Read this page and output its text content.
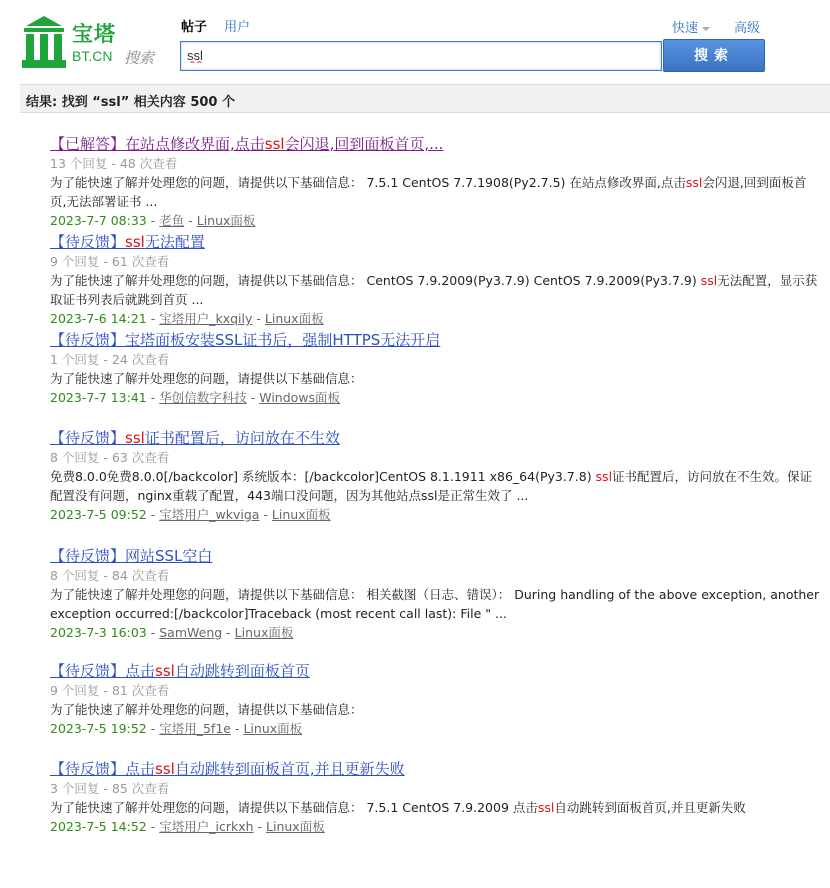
宝塔
BT.CN 搜索
帖子 用户	快速	高级
ssl
搜索
结果: 找到 “ssl” 相关内容 500 个
【已解答】在站点修改界面,点击ssl会闪退,回到面板首页,...
13 个回复 - 48 次查看
为了能快速了解并处理您的问题，请提供以下基础信息： 7.5.1 CentOS 7.7.1908(Py2.7.5) 在站点修改界面,点击ssl会闪退,回到面板首页,无法部署证书 ...
2023-7-7 08:33 - 老鱼 - Linux面板
【待反馈】ssl无法配置
9 个回复 - 61 次查看
为了能快速了解并处理您的问题，请提供以下基础信息： CentOS 7.9.2009(Py3.7.9) CentOS 7.9.2009(Py3.7.9) ssl无法配置，显示获取证书列表后就跳到首页 ...
2023-7-6 14:21 - 宝塔用户_kxqily - Linux面板
【待反馈】宝塔面板安装SSL证书后，强制HTTPS无法开启
1 个回复 - 24 次查看
为了能快速了解并处理您的问题，请提供以下基础信息：
2023-7-7 13:41 - 华创信数字科技 - Windows面板
【待反馈】ssl证书配置后，访问放在不生效
8 个回复 - 63 次查看
免费8.0.0免费8.0.0[/backcolor] 系统版本：[/backcolor]CentOS 8.1.1911 x86_64(Py3.7.8) ssl证书配置后，访问放在不生效。保证配置没有问题，nginx重载了配置，443端口没问题，因为其他站点ssl是正常生效了 ...
2023-7-5 09:52 - 宝塔用户_wkviga - Linux面板
【待反馈】网站SSL空白
8 个回复 - 84 次查看
为了能快速了解并处理您的问题，请提供以下基础信息： 相关截图（日志、错误）： During handling of the above exception, another exception occurred:[/backcolor]Traceback (most recent call last): File " ...
2023-7-3 16:03 - SamWeng - Linux面板
【待反馈】点击ssl自动跳转到面板首页
9 个回复 - 81 次查看
为了能快速了解并处理您的问题，请提供以下基础信息：
2023-7-5 19:52 - 宝塔用_5f1e - Linux面板
【待反馈】点击ssl自动跳转到面板首页,并且更新失败
3 个回复 - 85 次查看
为了能快速了解并处理您的问题，请提供以下基础信息： 7.5.1 CentOS 7.9.2009 点击ssl自动跳转到面板首页,并且更新失败
2023-7-5 14:52 - 宝塔用户_icrkxh - Linux面板
